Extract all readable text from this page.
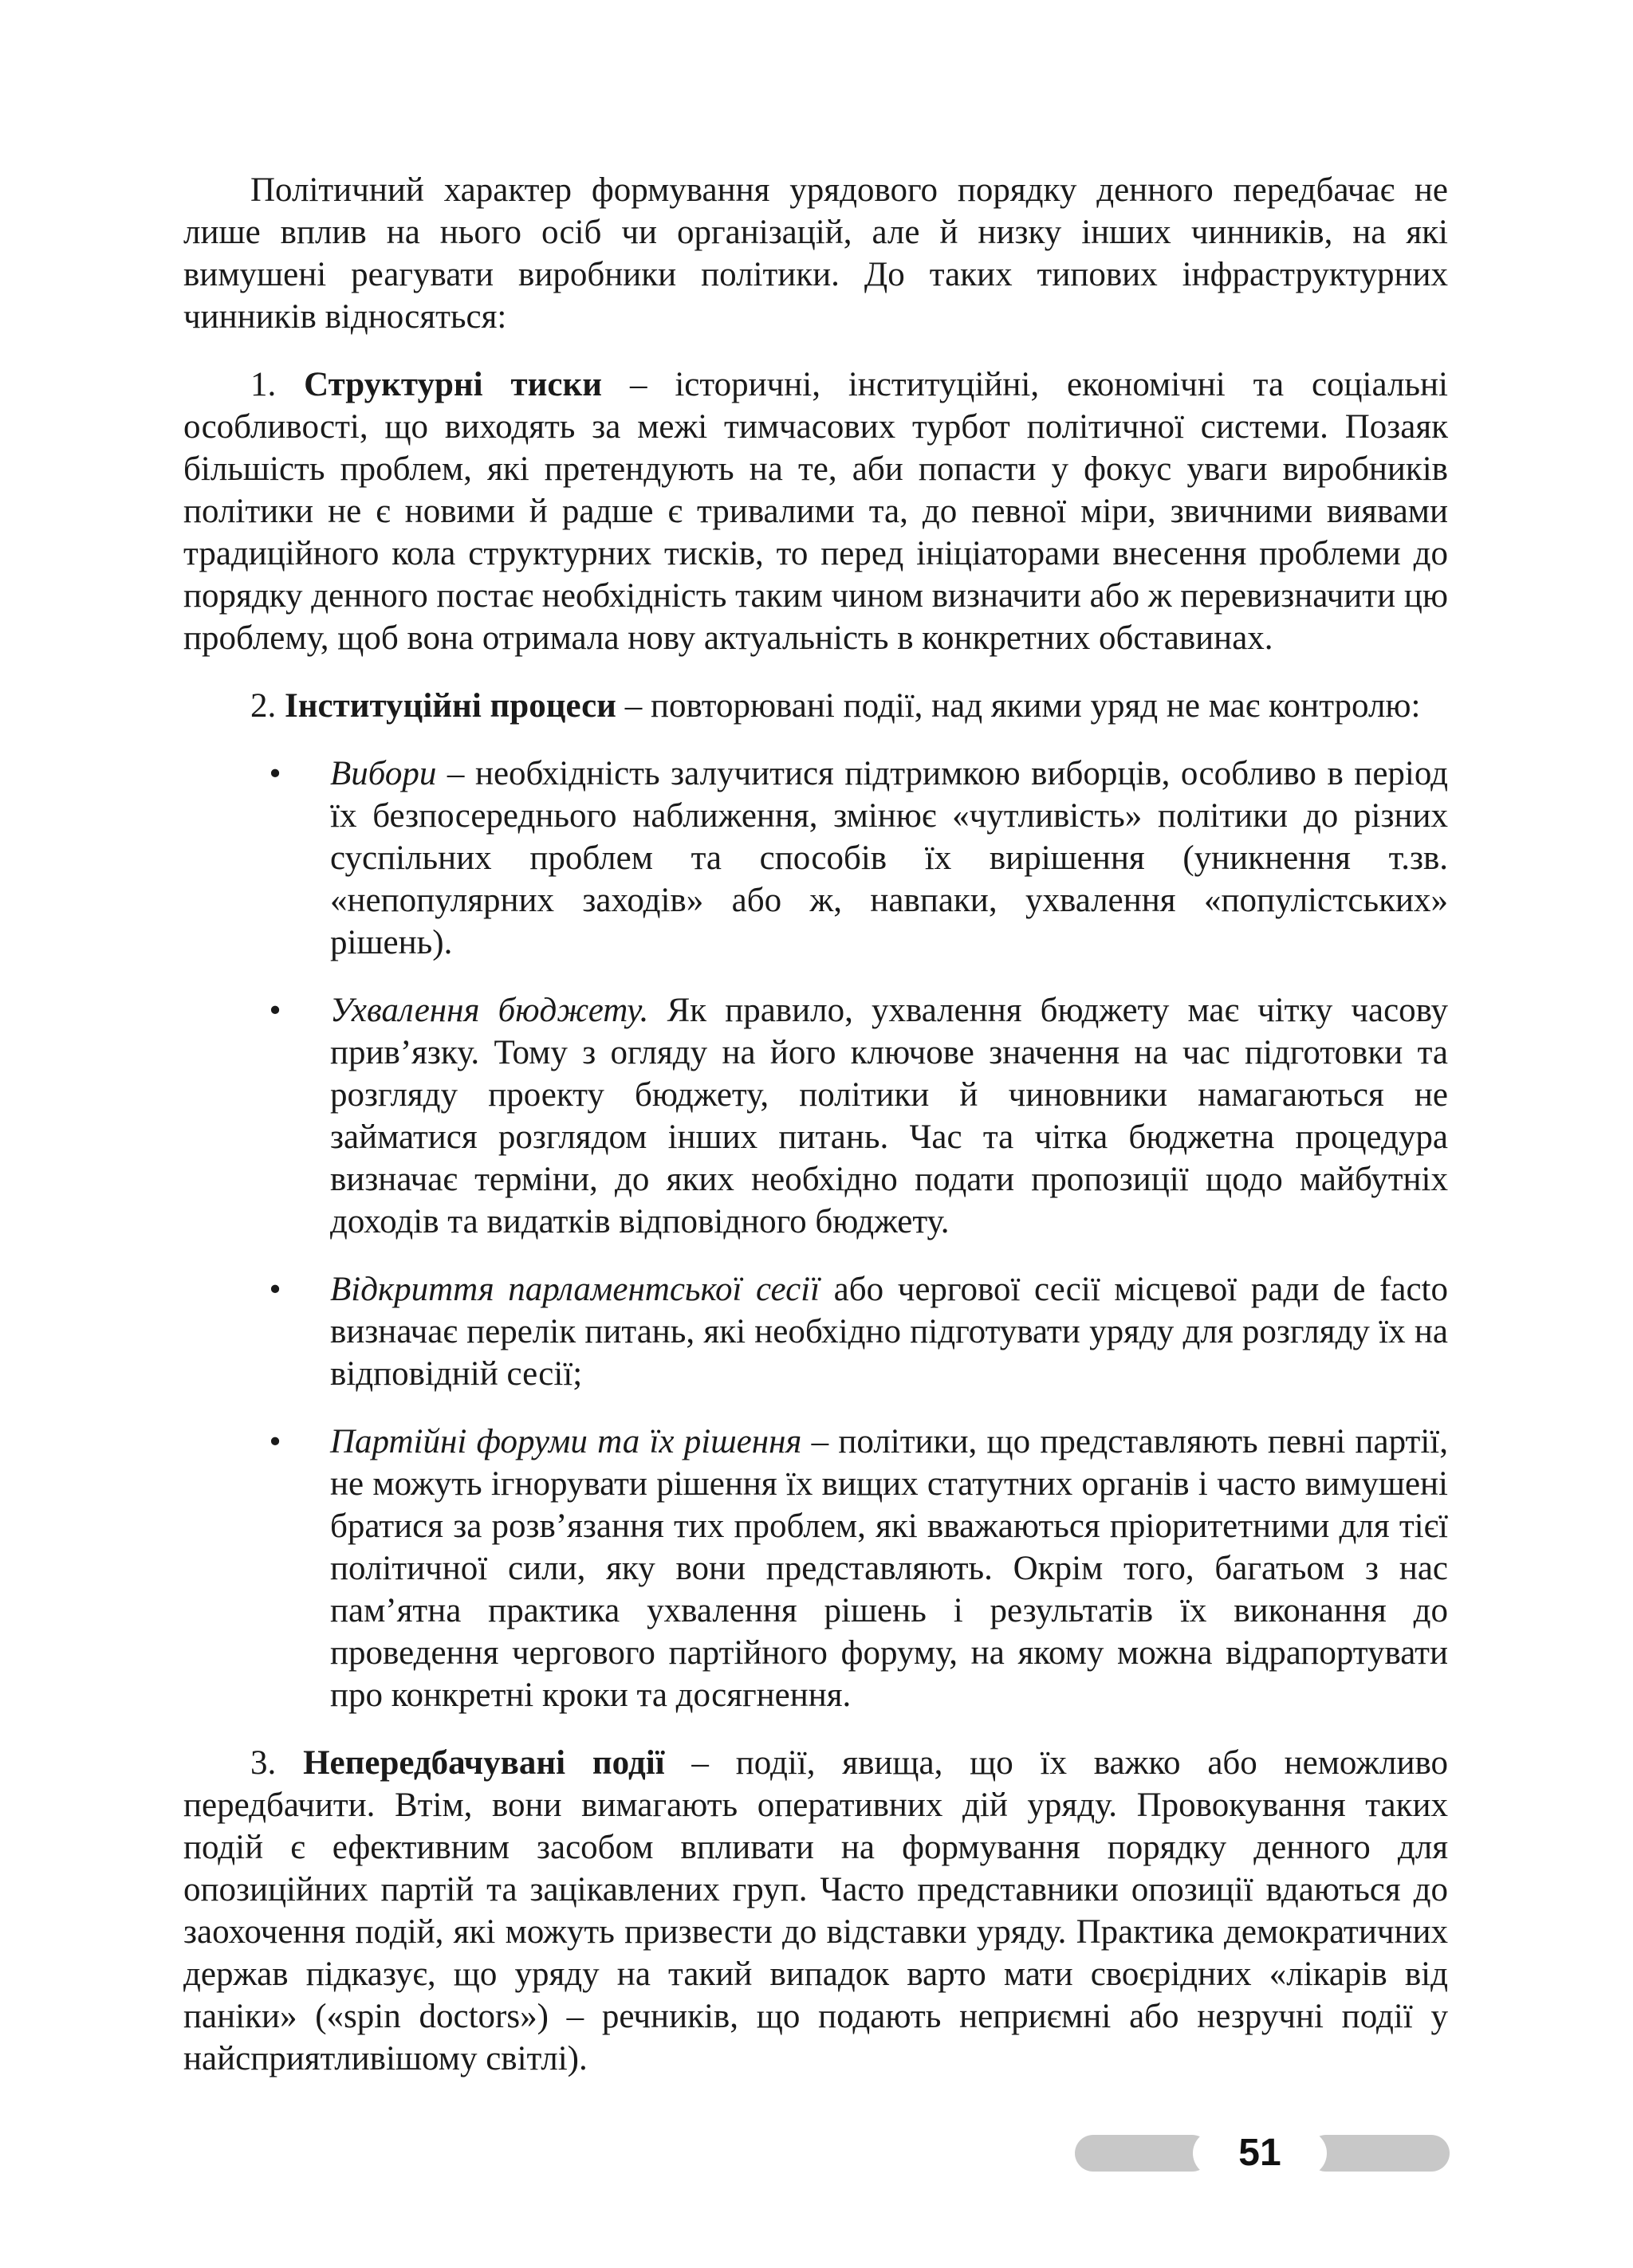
Політичний характер формування урядового порядку денного передбачає не лише вплив на нього осіб чи організацій, але й низку інших чинників, на які вимушені реагувати виробники політики. До таких типових інфраструктурних чинників відносяться:

1. Структурні тиски – історичні, інституційні, економічні та соціальні особливості, що виходять за межі тимчасових турбот політичної системи. Позаяк більшість проблем, які претендують на те, аби попасти у фокус уваги виробників політики не є новими й радше є тривалими та, до певної міри, звичними виявами традиційного кола структурних тисків, то перед ініціаторами внесення проблеми до порядку денного постає необхідність таким чином визначити або ж перевизначити цю проблему, щоб вона отримала нову актуальність в конкретних обставинах.

2. Інституційні процеси – повторювані події, над якими уряд не має контролю:

• Вибори – необхідність залучитися підтримкою виборців, особливо в період їх безпосереднього наближення, змінює «чутливість» політики до різних суспільних проблем та способів їх вирішення (уникнення т.зв. «непопулярних заходів» або ж, навпаки, ухвалення «популістських» рішень).
• Ухвалення бюджету. Як правило, ухвалення бюджету має чітку часову прив’язку. Тому з огляду на його ключове значення на час підготовки та розгляду проекту бюджету, політики й чиновники намагаються не займатися розглядом інших питань. Час та чітка бюджетна процедура визначає терміни, до яких необхідно подати пропозиції щодо майбутніх доходів та видатків відповідного бюджету.
• Відкриття парламентської сесії або чергової сесії місцевої ради de facto визначає перелік питань, які необхідно підготувати уряду для розгляду їх на відповідній сесії;
• Партійні форуми та їх рішення – політики, що представляють певні партії, не можуть ігнорувати рішення їх вищих статутних органів і часто вимушені братися за розв’язання тих проблем, які вважаються пріоритетними для тієї політичної сили, яку вони представляють. Окрім того, багатьом з нас пам’ятна практика ухвалення рішень і результатів їх виконання до проведення чергового партійного форуму, на якому можна відрапортувати про конкретні кроки та досягнення.

3. Непередбачувані події – події, явища, що їх важко або неможливо передбачити. Втім, вони вимагають оперативних дій уряду. Провокування таких подій є ефективним засобом впливати на формування порядку денного для опозиційних партій та зацікавлених груп. Часто представники опозиції вдаються до заохочення подій, які можуть призвести до відставки уряду. Практика демократичних держав підказує, що уряду на такий випадок варто мати своєрідних «лікарів від паніки» («spin doctors») – речників, що подають неприємні або незручні події у найсприятливішому світлі).

51
